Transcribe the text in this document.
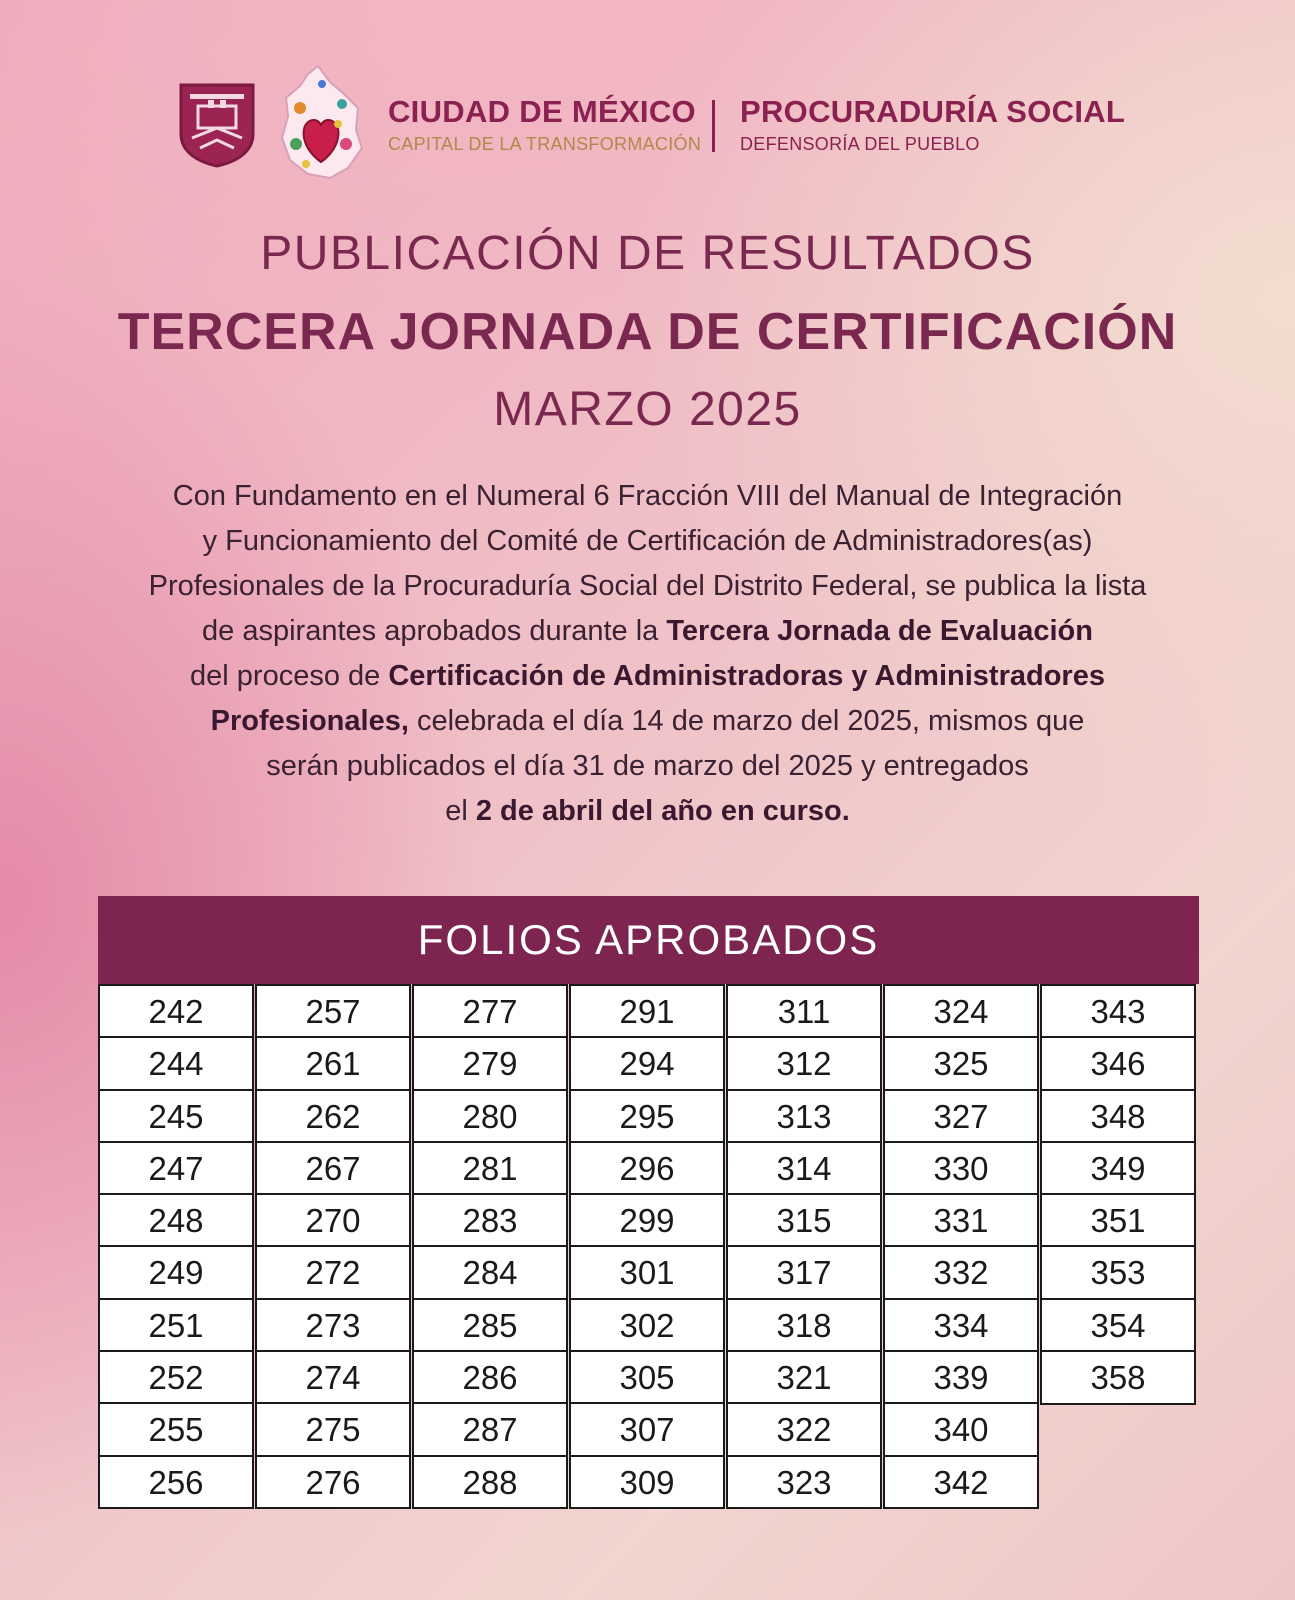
CIUDAD DE MÉXICO
CAPITAL DE LA TRANSFORMACIÓN
PROCURADURÍA SOCIAL
DEFENSORÍA DEL PUEBLO
PUBLICACIÓN DE RESULTADOS
TERCERA JORNADA DE CERTIFICACIÓN
MARZO 2025
Con Fundamento en el Numeral 6 Fracción VIII del Manual de Integración
y Funcionamiento del Comité de Certificación de Administradores(as)
Profesionales de la Procuraduría Social del Distrito Federal, se publica la lista
de aspirantes aprobados durante la Tercera Jornada de Evaluación
del proceso de Certificación de Administradoras y Administradores
Profesionales, celebrada el día 14 de marzo del 2025, mismos que
serán publicados el día 31 de marzo del 2025 y entregados
el 2 de abril del año en curso.
FOLIOS APROBADOS
242
244
245
247
248
249
251
252
255
256
257
261
262
267
270
272
273
274
275
276
277
279
280
281
283
284
285
286
287
288
291
294
295
296
299
301
302
305
307
309
311
312
313
314
315
317
318
321
322
323
324
325
327
330
331
332
334
339
340
342
343
346
348
349
351
353
354
358
